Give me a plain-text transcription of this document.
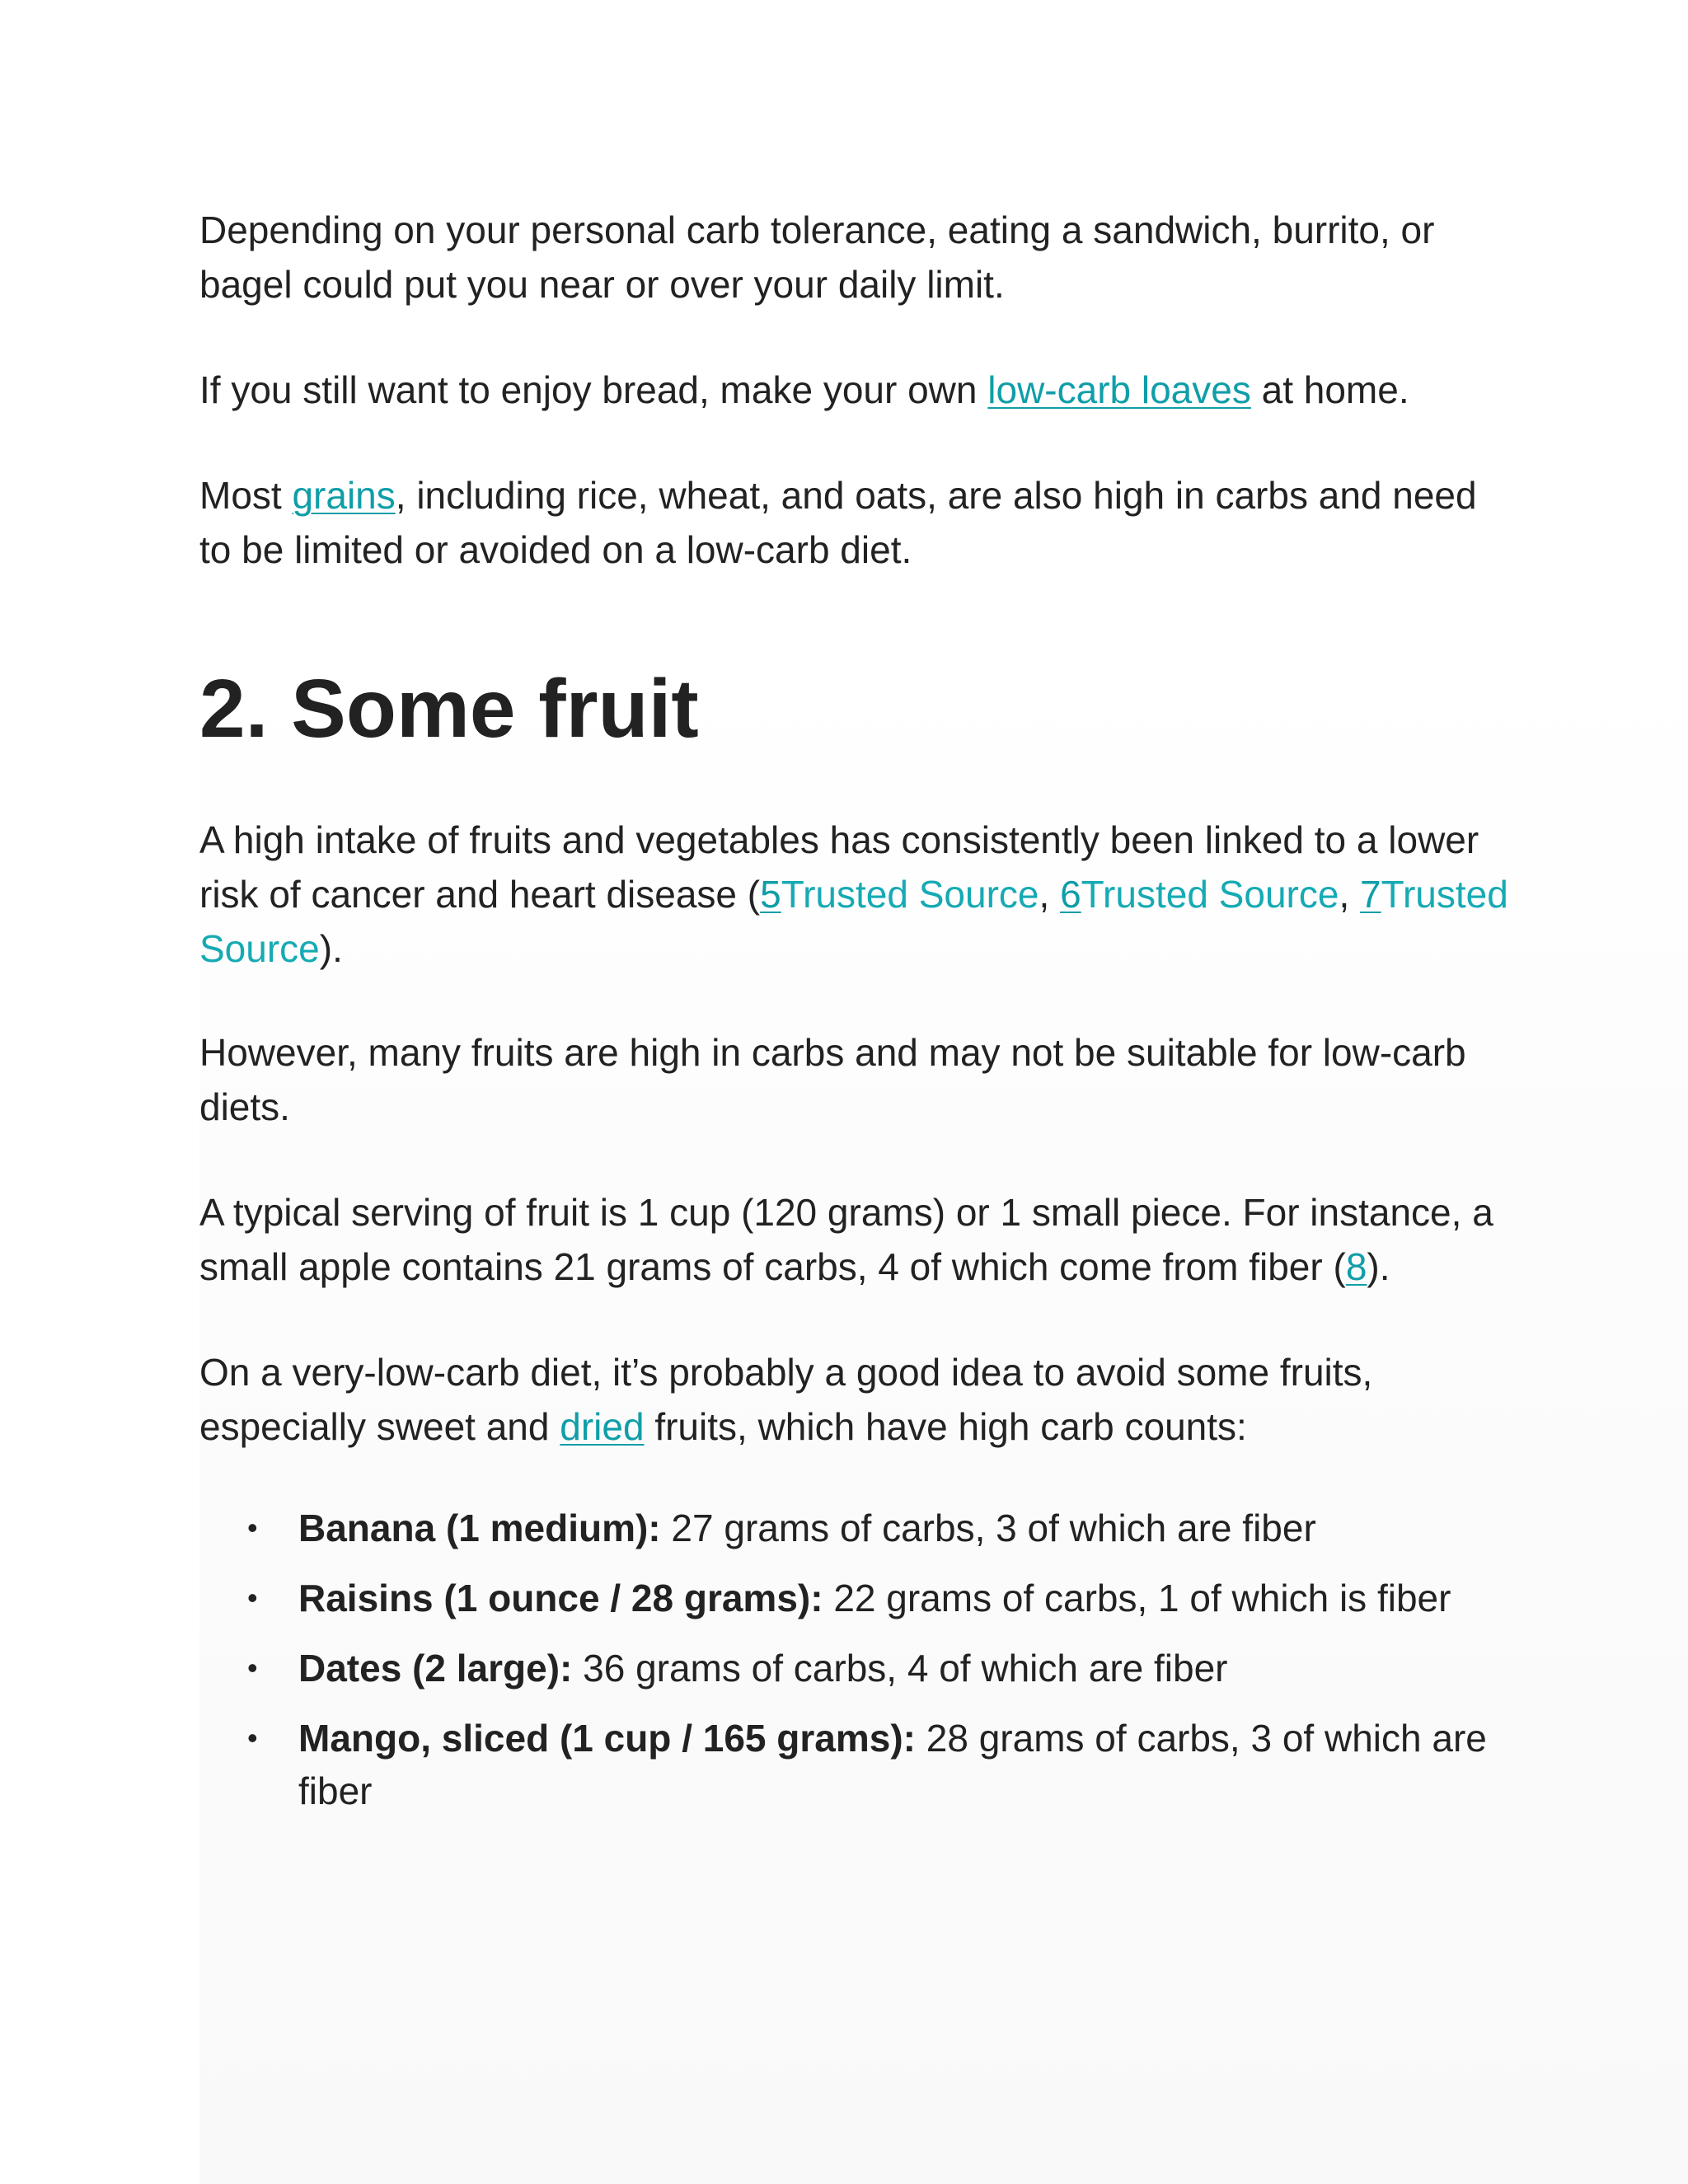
Depending on your personal carb tolerance, eating a sandwich, burrito, or bagel could put you near or over your daily limit.

If you still want to enjoy bread, make your own low-carb loaves at home.

Most grains, including rice, wheat, and oats, are also high in carbs and need to be limited or avoided on a low-carb diet.

2. Some fruit

A high intake of fruits and vegetables has consistently been linked to a lower risk of cancer and heart disease (5Trusted Source, 6Trusted Source, 7Trusted Source).

However, many fruits are high in carbs and may not be suitable for low-carb diets.

A typical serving of fruit is 1 cup (120 grams) or 1 small piece. For instance, a small apple contains 21 grams of carbs, 4 of which come from fiber (8).

On a very-low-carb diet, it’s probably a good idea to avoid some fruits, especially sweet and dried fruits, which have high carb counts:

• Banana (1 medium): 27 grams of carbs, 3 of which are fiber
• Raisins (1 ounce / 28 grams): 22 grams of carbs, 1 of which is fiber
• Dates (2 large): 36 grams of carbs, 4 of which are fiber
• Mango, sliced (1 cup / 165 grams): 28 grams of carbs, 3 of which are fiber
